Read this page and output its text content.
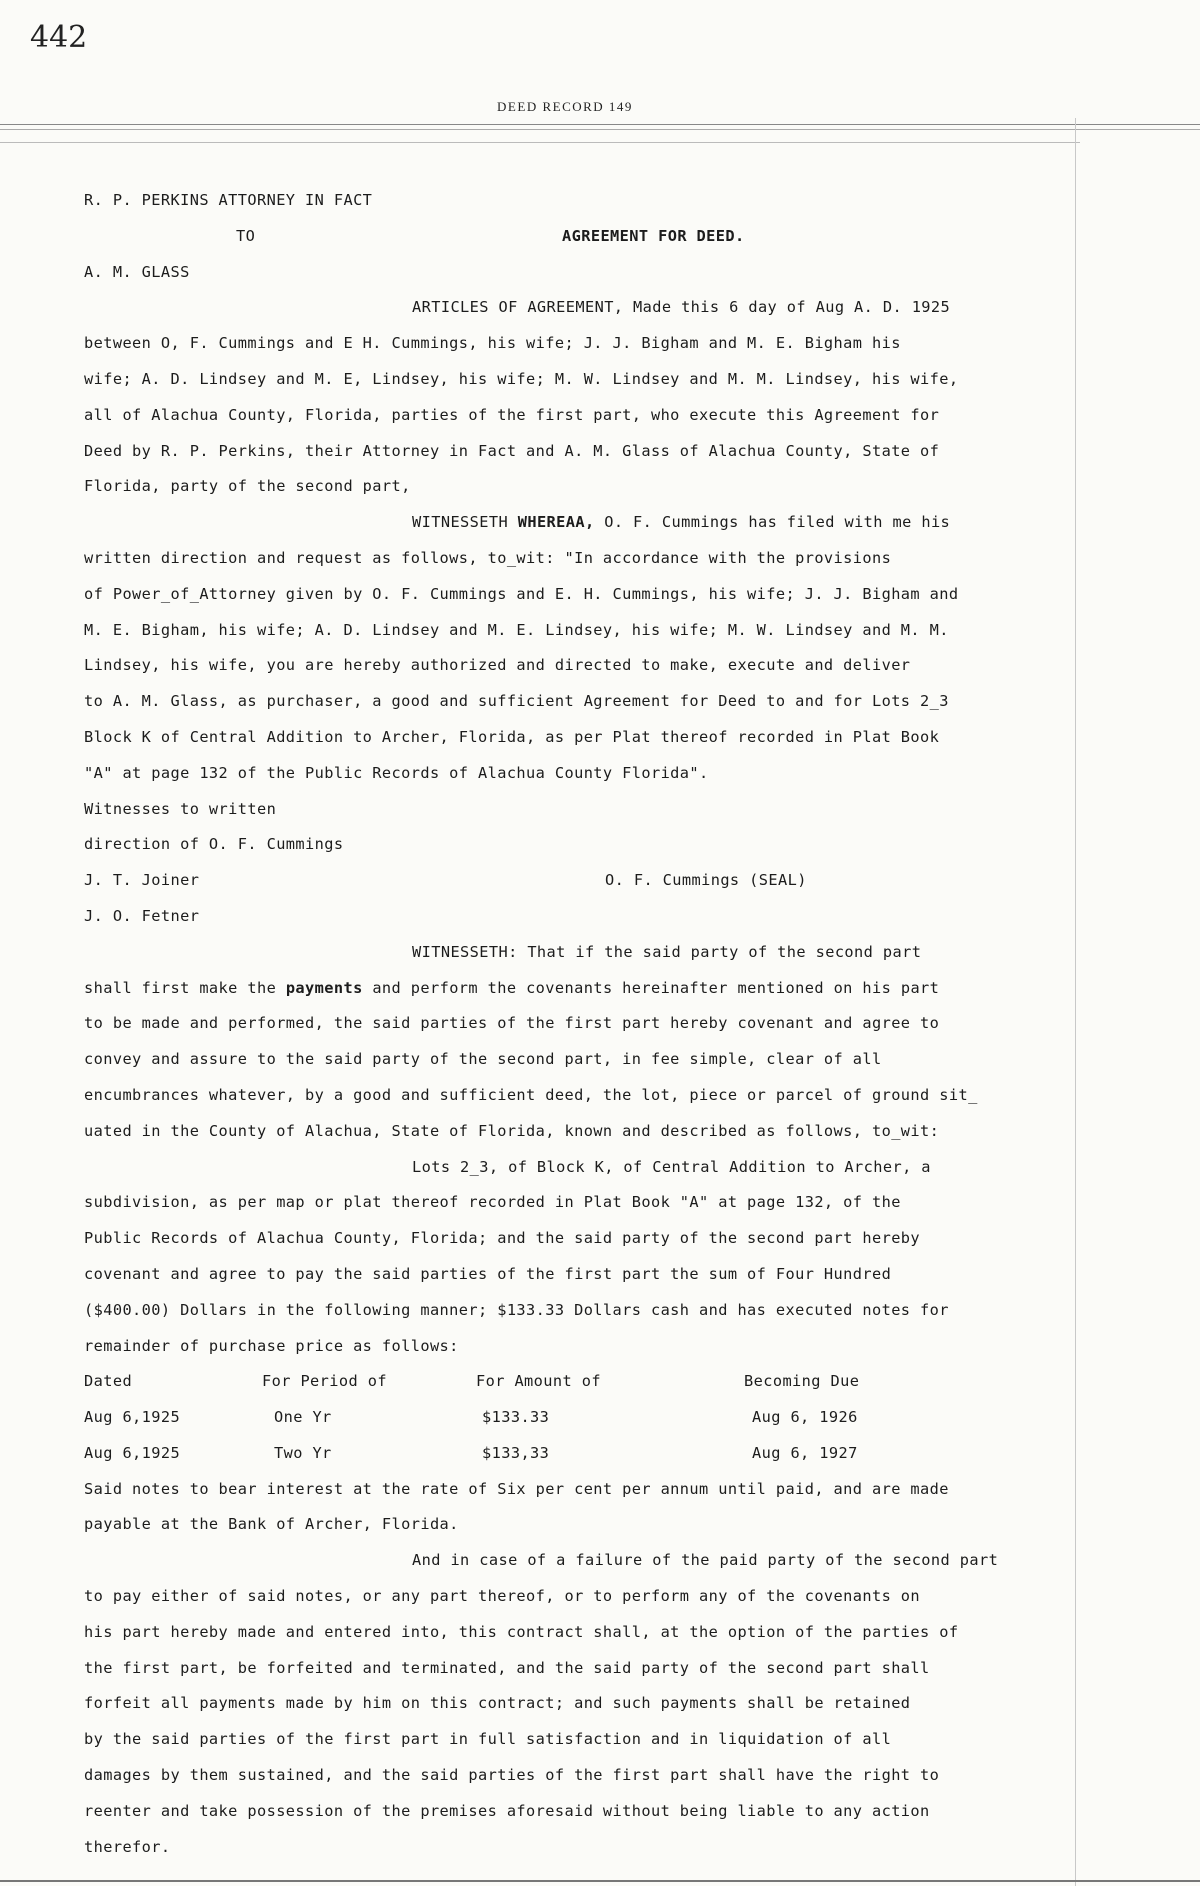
442
DEED RECORD 149
R. P. PERKINS ATTORNEY IN FACT
TO	AGREEMENT FOR DEED.
A. M. GLASS
ARTICLES OF AGREEMENT, Made this 6 day of Aug A. D. 1925
between O, F. Cummings and E H. Cummings, his wife; J. J. Bigham and M. E. Bigham his
wife; A. D. Lindsey and M. E, Lindsey, his wife; M. W. Lindsey and M. M. Lindsey, his wife,
all of Alachua County, Florida, parties of the first part, who execute this Agreement for
Deed by R. P. Perkins, their Attorney in Fact and A. M. Glass of Alachua County, State of
Florida, party of the second part,
WITNESSETH WHEREAA, O. F. Cummings has filed with me his
written direction and request as follows, to_wit: "In accordance with the provisions
of Power_of_Attorney given by O. F. Cummings and E. H. Cummings, his wife; J. J. Bigham and
M. E. Bigham, his wife; A. D. Lindsey and M. E. Lindsey, his wife; M. W. Lindsey and M. M.
Lindsey, his wife, you are hereby authorized and directed to make, execute and deliver
to A. M. Glass, as purchaser, a good and sufficient Agreement for Deed to and for Lots 2_3
Block K of Central Addition to Archer, Florida, as per Plat thereof recorded in Plat Book
"A" at page 132 of the Public Records of Alachua County Florida".
Witnesses to written
direction of O. F. Cummings
J. T. Joiner	O. F. Cummings (SEAL)
J. O. Fetner
WITNESSETH: That if the said party of the second part
shall first make the payments and perform the covenants hereinafter mentioned on his part
to be made and performed, the said parties of the first part hereby covenant and agree to
convey and assure to the said party of the second part, in fee simple, clear of all
encumbrances whatever, by a good and sufficient deed, the lot, piece or parcel of ground sit_
uated in the County of Alachua, State of Florida, known and described as follows, to_wit:
Lots 2_3, of Block K, of Central Addition to Archer, a
subdivision, as per map or plat thereof recorded in Plat Book "A" at page 132, of the
Public Records of Alachua County, Florida; and the said party of the second part hereby
covenant and agree to pay the said parties of the first part the sum of Four Hundred
($400.00) Dollars in the following manner; $133.33 Dollars cash and has executed notes for
remainder of purchase price as follows:
Dated	For Period of	For Amount of	Becoming Due
Aug 6,1925	One Yr	$133.33	Aug 6, 1926
Aug 6,1925	Two Yr	$133,33	Aug 6, 1927
Said notes to bear interest at the rate of Six per cent per annum until paid, and are made
payable at the Bank of Archer, Florida.
And in case of a failure of the paid party of the second part
to pay either of said notes, or any part thereof, or to perform any of the covenants on
his part hereby made and entered into, this contract shall, at the option of the parties of
the first part, be forfeited and terminated, and the said party of the second part shall
forfeit all payments made by him on this contract; and such payments shall be retained
by the said parties of the first part in full satisfaction and in liquidation of all
damages by them sustained, and the said parties of the first part shall have the right to
reenter and take possession of the premises aforesaid without being liable to any action
therefor.
